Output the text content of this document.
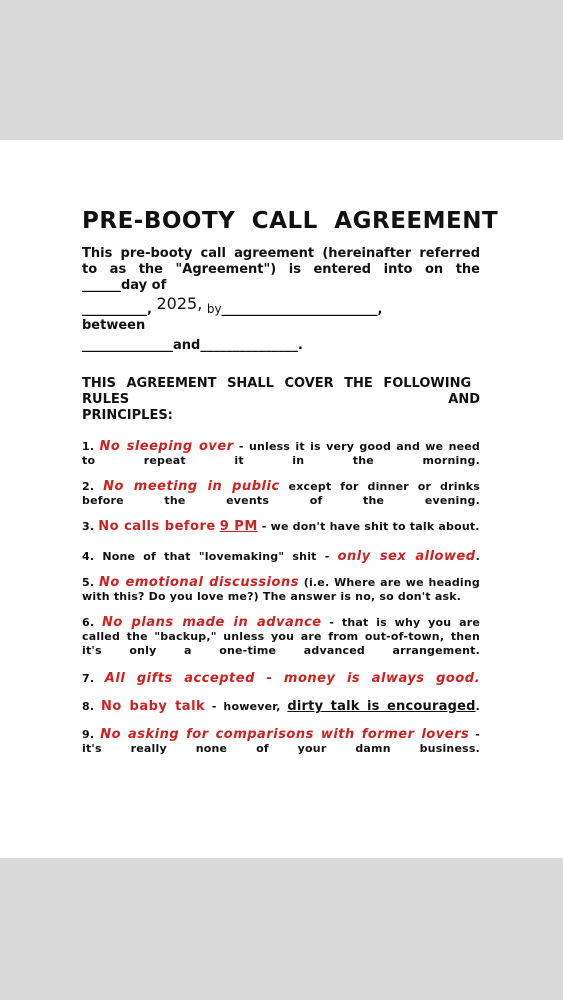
PRE-BOOTY CALL AGREEMENT

This pre-booty call agreement (hereinafter referred to as the "Agreement") is entered into on the ______day of

__________, 2025, by________________________,

between

______________and_______________.

THIS AGREEMENT SHALL COVER THE FOLLOWING
RULES	AND
PRINCIPLES:
1. No sleeping over - unless it is very good and we need to repeat it in the morning.
2. No meeting in public except for dinner or drinks before the events of the evening.
3. No calls before 9 PM - we don't have shit to talk about.
4. None of that "lovemaking" shit - only sex allowed.
5. No emotional discussions (i.e. Where are we heading with this? Do you love me?) The answer is no, so don't ask.
6. No plans made in advance - that is why you are called the "backup," unless you are from out-of-town, then it's only a one-time advanced arrangement.
7. All gifts accepted - money is always good.
8. No baby talk - however, dirty talk is encouraged.
9. No asking for comparisons with former lovers - it's really none of your damn business.
